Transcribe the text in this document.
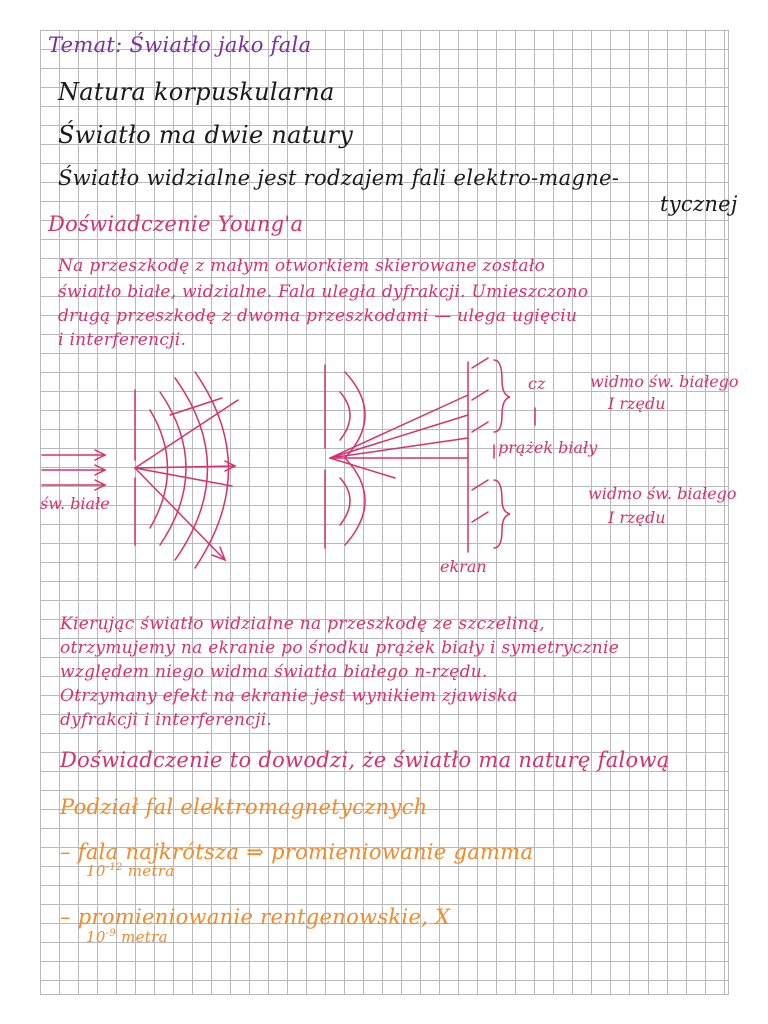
Temat: Światło jako fala
Natura korpuskularna
Światło ma dwie natury
Światło widzialne jest rodzajem fali elektro-magne-
tycznej
Doświadczenie Young'a
Na przeszkodę z małym otworkiem skierowane zostało
światło białe, widzialne. Fala uległa dyfrakcji. Umieszczono
drugą przeszkodę z dwoma przeszkodami — ulega ugięciu
i interferencji.
św. białe
cz	widmo św. białego
I rzędu
prążek biały
widmo św. białego
I rzędu
ekran
Kierując światło widzialne na przeszkodę ze szczeliną,
otrzymujemy na ekranie po środku prążek biały i symetrycznie
względem niego widma światła białego n-rzędu.
Otrzymany efekt na ekranie jest wynikiem zjawiska
dyfrakcji i interferencji.
Doświadczenie to dowodzi, że światło ma naturę falową
Podział fal elektromagnetycznych
– fala najkrótsza ⇒ promieniowanie gamma
$10^{-12}$ metra
– promieniowanie rentgenowskie, X
$10^{-9}$ metra
